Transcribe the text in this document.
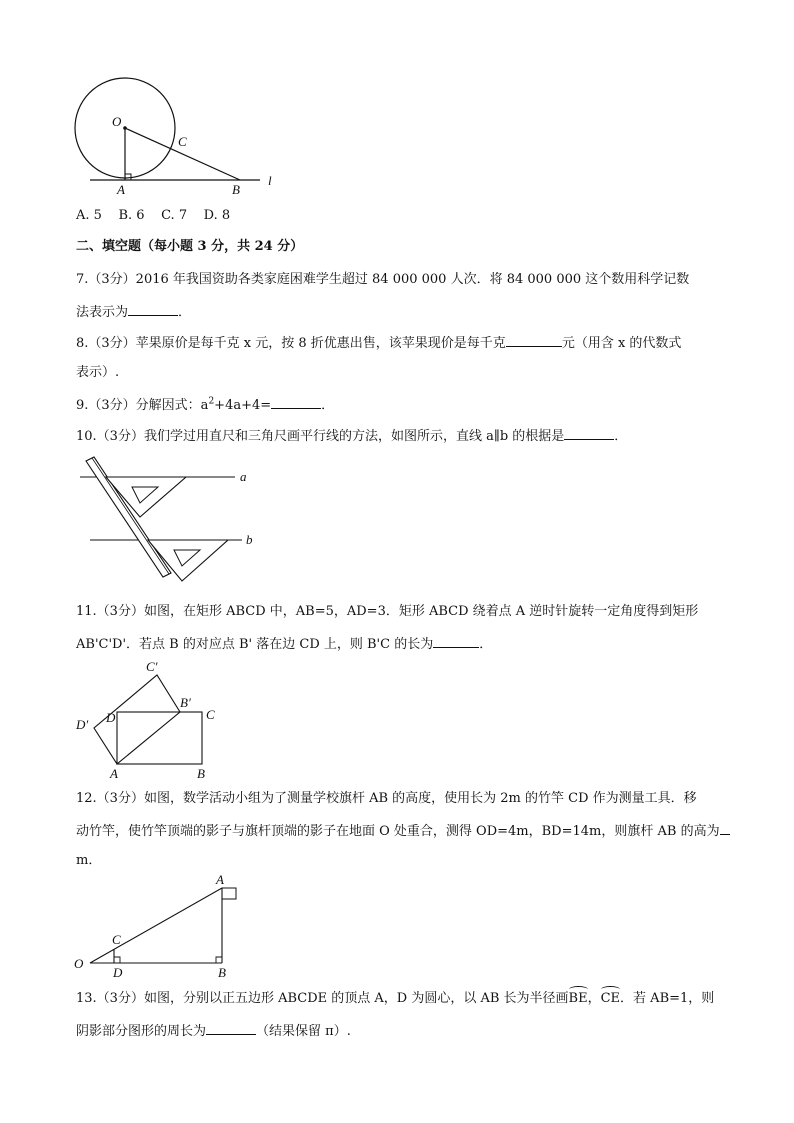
O
C
A	B
l
A. 5    B. 6    C. 7    D. 8
二、填空题（每小题 3 分，共 24 分）
7.（3分）2016 年我国资助各类家庭困难学生超过 84 000 000 人次．将 84 000 000 这个数用科学记数
法表示为	．
8.（3分）苹果原价是每千克 x 元，按 8 折优惠出售，该苹果现价是每千克	元（用含 x 的代数式
表示）.
9.（3分）分解因式：$a^2+4a+4=$	．
10.（3分）我们学过用直尺和三角尺画平行线的方法，如图所示，直线 a∥b 的根据是	．
a
b
11.（3分）如图，在矩形 ABCD 中，AB=5，AD=3．矩形 ABCD 绕着点 A 逆时针旋转一定角度得到矩形
AB'C'D'．若点 B 的对应点 B' 落在边 CD 上，则 B'C 的长为	．
C′
B′
C
D
D′
A	B
12.（3分）如图，数学活动小组为了测量学校旗杆 AB 的高度，使用长为 2m 的竹竿 CD 作为测量工具．移
动竹竿，使竹竿顶端的影子与旗杆顶端的影子在地面 O 处重合，测得 OD=4m，BD=14m，则旗杆 AB 的高为
m．
A
C
O
D	B
13.（3分）如图，分别以正五边形 ABCDE 的顶点 A，D 为圆心，以 AB 长为半径画BE，CE．若 AB=1，则
阴影部分图形的周长为	（结果保留 π）.
